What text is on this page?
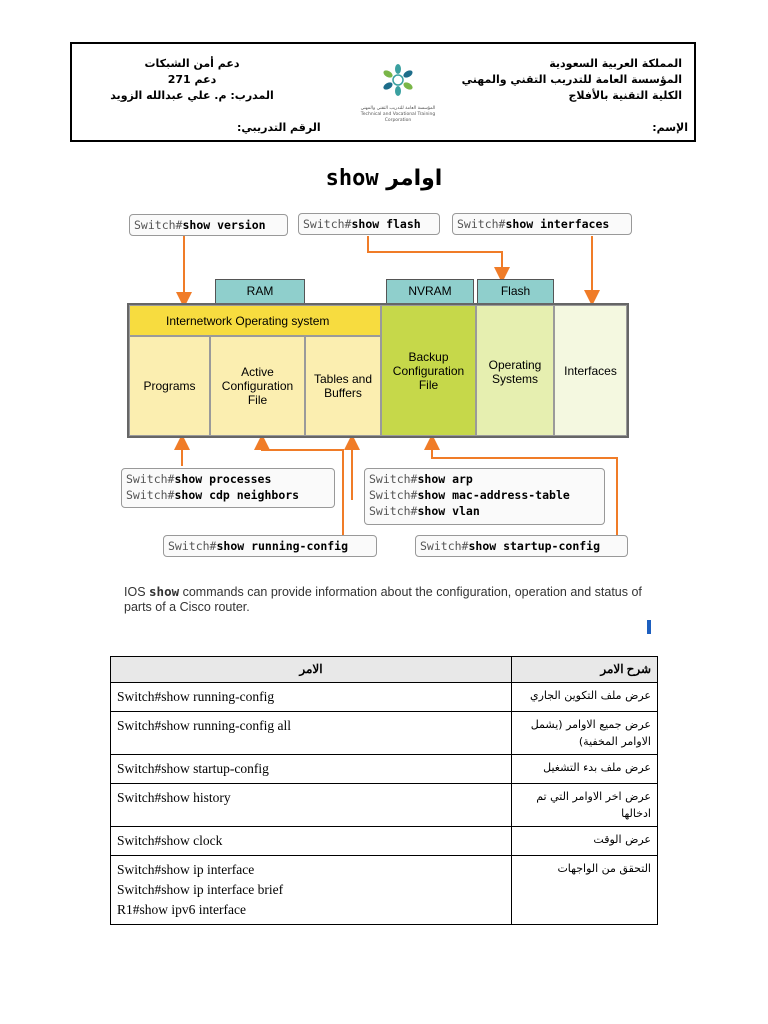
المملكة العربية السعودية
المؤسسة العامة للتدريب التقني والمهني
الكلية التقنية بالأفلاج
المؤسسة العامة للتدريب التقني والمهني
Technical and Vocational Training Corporation
دعم أمن الشبكات
دعم 271
المدرب: م. علي عبدالله الزويد
الإسم:
الرقم التدريبي:
اوامر show
Switch#show version	Switch#show flash	Switch#show interfaces
RAM	NVRAM	Flash
Internetwork Operating system
Programs
Active Configuration File
Tables and Buffers
Backup Configuration File
Operating Systems
Interfaces
Switch#show processes
Switch#show cdp neighbors
Switch#show arp
Switch#show mac-address-table
Switch#show vlan
Switch#show running-config	Switch#show startup-config
IOS show commands can provide information about the configuration, operation and status of parts of a Cisco router.
الامر	شرح الامر

Switch#show running-config	عرض ملف التكوين الجاري

Switch#show running-config all	عرض جميع الاوامر (يشمل الاوامر المخفية)

Switch#show startup-config	عرض ملف بدء التشغيل

Switch#show history	عرض اخر الاوامر التي تم ادخالها

Switch#show clock	عرض الوقت

Switch#show ip interface
Switch#show ip interface brief
R1#show ipv6 interface	التحقق من الواجهات
